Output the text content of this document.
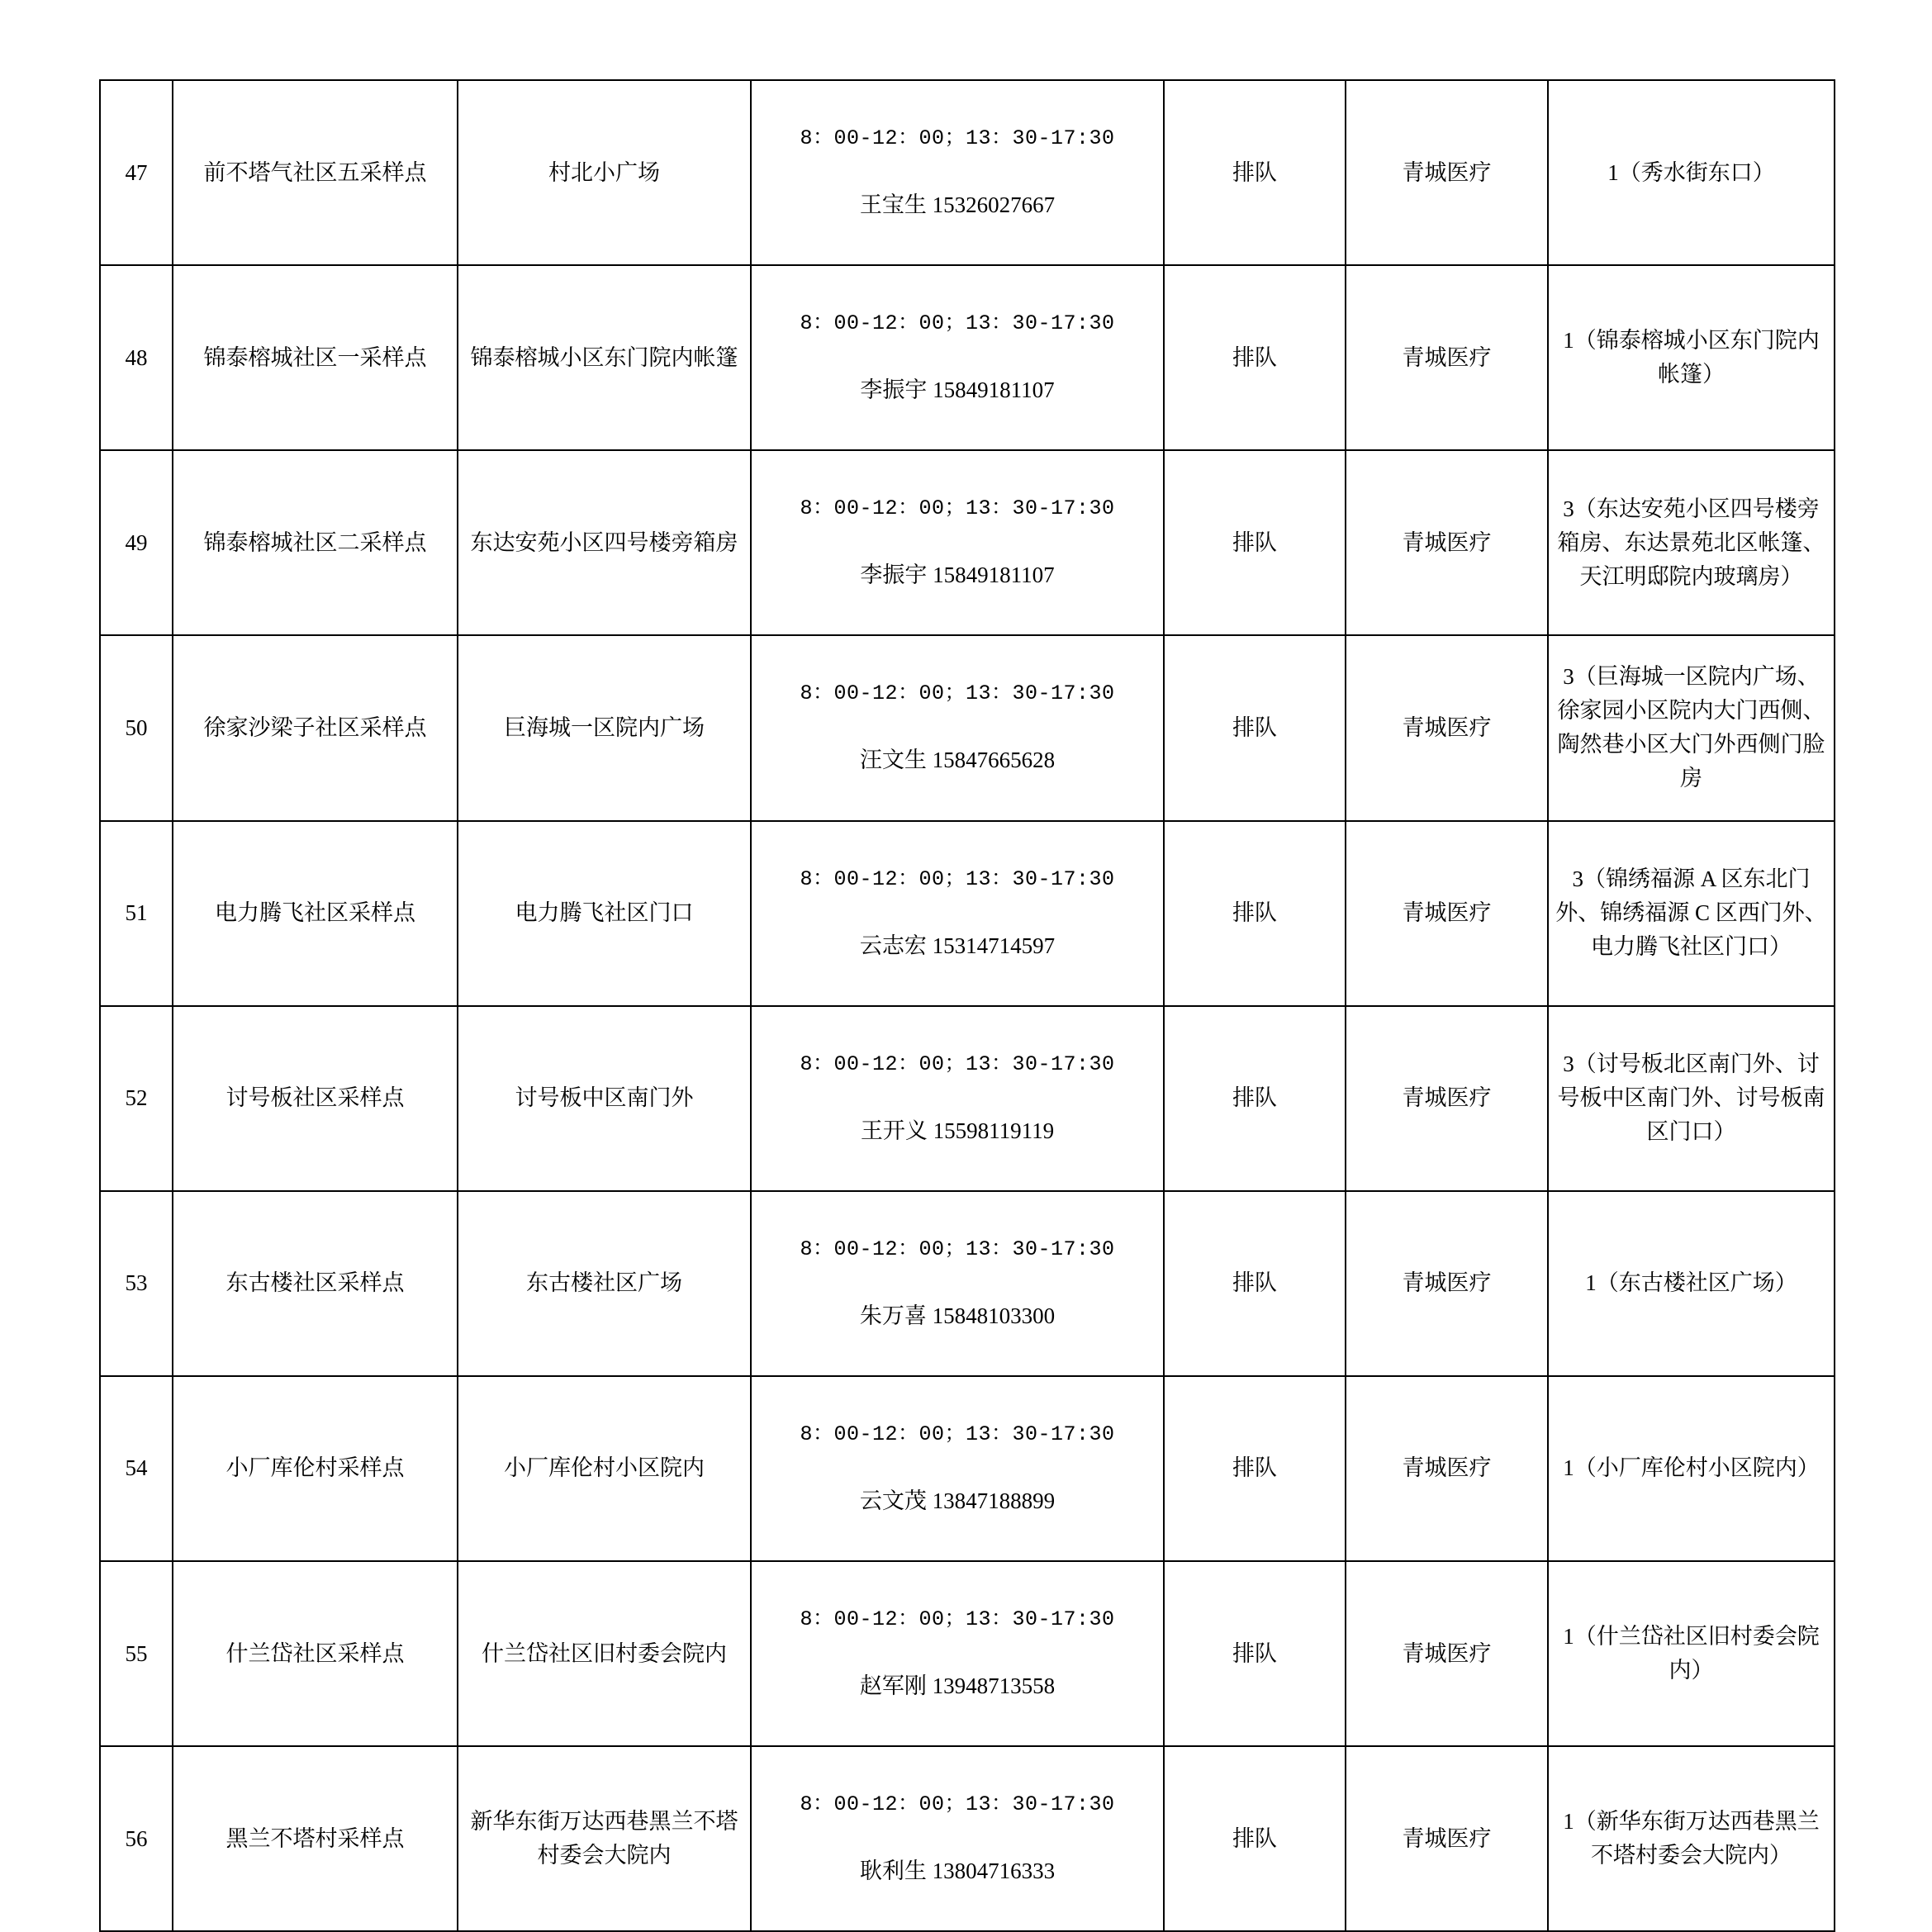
47	前不塔气社区五采样点	村北小广场	8：00-12：00；13：30-17:30

王宝生 15326027667	排队	青城医疗	1（秀水街东口）
48	锦泰榕城社区一采样点	锦泰榕城小区东门院内帐篷	8：00-12：00；13：30-17:30

李振宇 15849181107	排队	青城医疗	1（锦泰榕城小区东门院内帐篷）
49	锦泰榕城社区二采样点	东达安苑小区四号楼旁箱房	8：00-12：00；13：30-17:30

李振宇 15849181107	排队	青城医疗	3（东达安苑小区四号楼旁箱房、东达景苑北区帐篷、天江明邸院内玻璃房）
50	徐家沙梁子社区采样点	巨海城一区院内广场	8：00-12：00；13：30-17:30

汪文生 15847665628	排队	青城医疗	3（巨海城一区院内广场、徐家园小区院内大门西侧、陶然巷小区大门外西侧门脸房
51	电力腾飞社区采样点	电力腾飞社区门口	8：00-12：00；13：30-17:30

云志宏 15314714597	排队	青城医疗	3（锦绣福源 A 区东北门外、锦绣福源 C 区西门外、电力腾飞社区门口）
52	讨号板社区采样点	讨号板中区南门外	8：00-12：00；13：30-17:30

王开义 15598119119	排队	青城医疗	3（讨号板北区南门外、讨号板中区南门外、讨号板南区门口）
53	东古楼社区采样点	东古楼社区广场	8：00-12：00；13：30-17:30

朱万喜 15848103300	排队	青城医疗	1（东古楼社区广场）
54	小厂库伦村采样点	小厂库伦村小区院内	8：00-12：00；13：30-17:30

云文茂 13847188899	排队	青城医疗	1（小厂库伦村小区院内）
55	什兰岱社区采样点	什兰岱社区旧村委会院内	8：00-12：00；13：30-17:30

赵军刚 13948713558	排队	青城医疗	1（什兰岱社区旧村委会院内）
56	黑兰不塔村采样点	新华东街万达西巷黑兰不塔村委会大院内	8：00-12：00；13：30-17:30

耿利生 13804716333	排队	青城医疗	1（新华东街万达西巷黑兰不塔村委会大院内）
